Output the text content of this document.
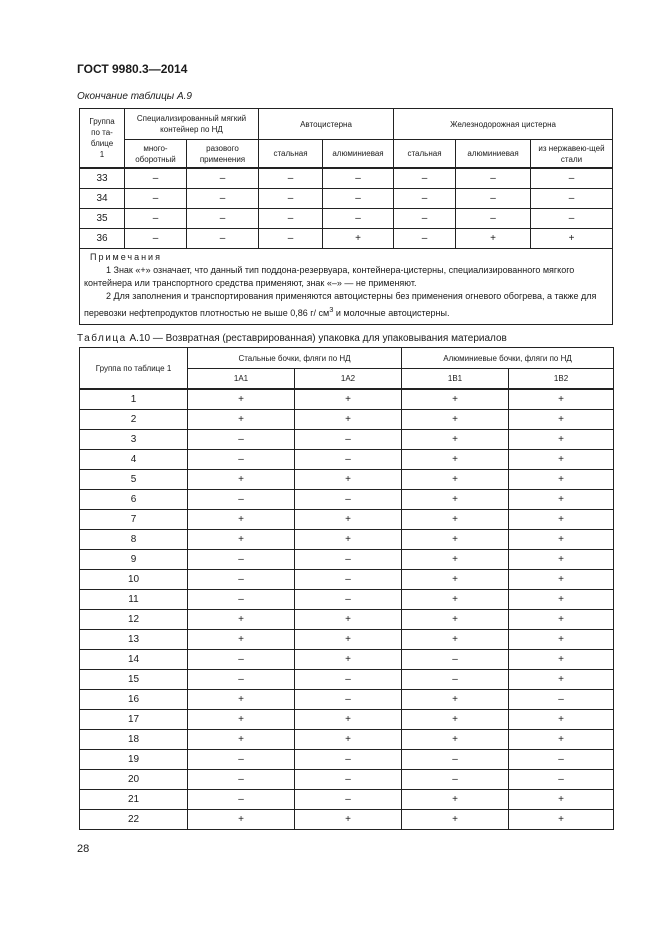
ГОСТ 9980.3—2014
Окончание таблицы А.9
Группа по та-блице 1	Специализированный мягкий контейнер по НД		Автоцистерна		Железнодорожная цистерна		
	много-оборотный	разового применения	стальная	алюминиевая	стальная	алюминиевая	из нержавею-щей стали
33	–	–	–	–	–	–	–
34	–	–	–	–	–	–	–
35	–	–	–	–	–	–	–
36	–	–	–	+	–	+	+

Примечания

1 Знак «+» означает, что данный тип поддона-резервуара, контейнера-цистерны, специализированного мягкого контейнера или транспортного средства применяют, знак «–» — не применяют.

2 Для заполнения и транспортирования применяются автоцистерны без применения огневого обогрева, а также для перевозки нефтепродуктов плотностью не выше 0,86 г/ $см^3$ и молочные автоцистерны.							

Таблица А.10 — Возвратная (реставрированная) упаковка для упаковывания материалов
Группа по таблице 1	Стальные бочки, фляги по НД		Алюминиевые бочки, фляги по НД	
	1А1	1А2	1В1	1В2
1	+	+	+	+
2	+	+	+	+
3	–	–	+	+
4	–	–	+	+
5	+	+	+	+
6	–	–	+	+
7	+	+	+	+
8	+	+	+	+
9	–	–	+	+
10	–	–	+	+
11	–	–	+	+
12	+	+	+	+
13	+	+	+	+
14	–	+	–	+
15	–	–	–	+
16	+	–	+	–
17	+	+	+	+
18	+	+	+	+
19	–	–	–	–
20	–	–	–	–
21	–	–	+	+
22	+	+	+	+
28
